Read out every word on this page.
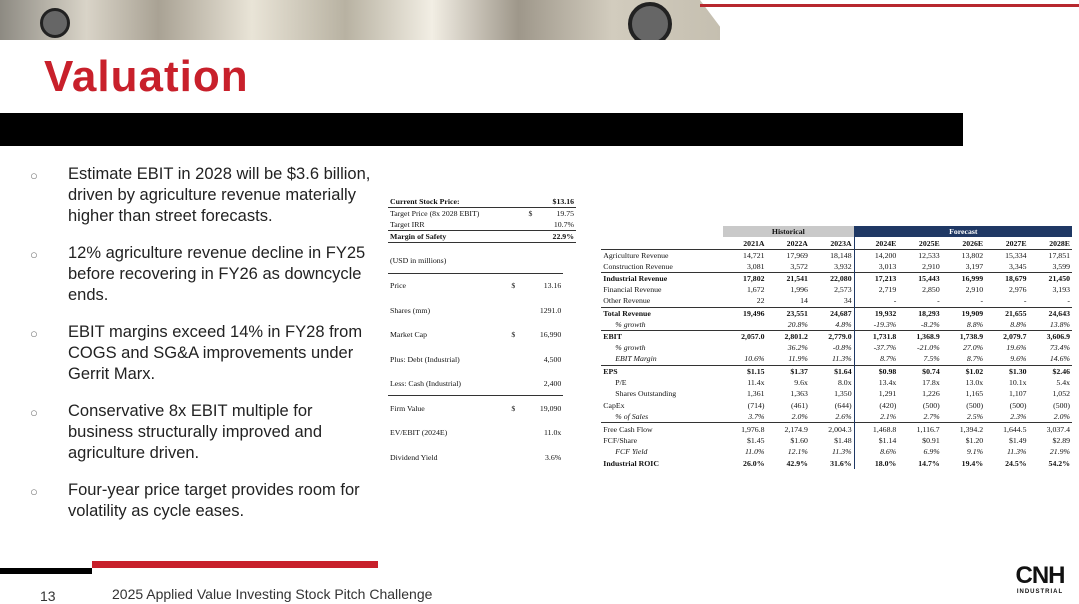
Valuation
○	Estimate EBIT in 2028 will be $3.6 billion, driven by agriculture revenue materially higher than street forecasts.
○	12% agriculture revenue decline in FY25 before recovering in FY26 as downcycle ends.
○	EBIT margins exceed 14% in FY28 from COGS and SG&A improvements under Gerrit Marx.
○	Conservative 8x EBIT multiple for business structurally improved and agriculture driven.
○	Four-year price target provides room for volatility as cycle eases.
Current Stock Price:		$13.16
Target Price (8x 2028 EBIT)	$	19.75
Target IRR		10.7%
Margin of Safety		22.9%
(USD in millions)		
Price	$	13.16
Shares (mm)		1291.0
Market Cap	$	16,990
Plus: Debt (Industrial)		4,500
Less: Cash (Industrial)		2,400
Firm Value	$	19,090
EV/EBIT (2024E)		11.0x
Dividend Yield		3.6%
	Historical			Forecast				
	2021A	2022A	2023A	2024E	2025E	2026E	2027E	2028E
Agriculture Revenue	14,721	17,969	18,148	14,200	12,533	13,802	15,334	17,851
Construction Revenue	3,081	3,572	3,932	3,013	2,910	3,197	3,345	3,599
Industrial Revenue	17,802	21,541	22,080	17,213	15,443	16,999	18,679	21,450
Financial Revenue	1,672	1,996	2,573	2,719	2,850	2,910	2,976	3,193
Other Revenue	22	14	34	-	-	-	-	-
Total Revenue	19,496	23,551	24,687	19,932	18,293	19,909	21,655	24,643
% growth		20.8%	4.8%	-19.3%	-8.2%	8.8%	8.8%	13.8%
EBIT	2,057.0	2,801.2	2,779.0	1,731.8	1,368.9	1,738.9	2,079.7	3,606.9
% growth		36.2%	-0.8%	-37.7%	-21.0%	27.0%	19.6%	73.4%
EBIT Margin	10.6%	11.9%	11.3%	8.7%	7.5%	8.7%	9.6%	14.6%
EPS	$1.15	$1.37	$1.64	$0.98	$0.74	$1.02	$1.30	$2.46
P/E	11.4x	9.6x	8.0x	13.4x	17.8x	13.0x	10.1x	5.4x
Shares Outstanding	1,361	1,363	1,350	1,291	1,226	1,165	1,107	1,052
CapEx	(714)	(461)	(644)	(420)	(500)	(500)	(500)	(500)
% of Sales	3.7%	2.0%	2.6%	2.1%	2.7%	2.5%	2.3%	2.0%
Free Cash Flow	1,976.8	2,174.9	2,004.3	1,468.8	1,116.7	1,394.2	1,644.5	3,037.4
FCF/Share	$1.45	$1.60	$1.48	$1.14	$0.91	$1.20	$1.49	$2.89
FCF Yield	11.0%	12.1%	11.3%	8.6%	6.9%	9.1%	11.3%	21.9%
Industrial ROIC	26.0%	42.9%	31.6%	18.0%	14.7%	19.4%	24.5%	54.2%
13	2025 Applied Value Investing Stock Pitch Challenge
CNH
INDUSTRIAL
